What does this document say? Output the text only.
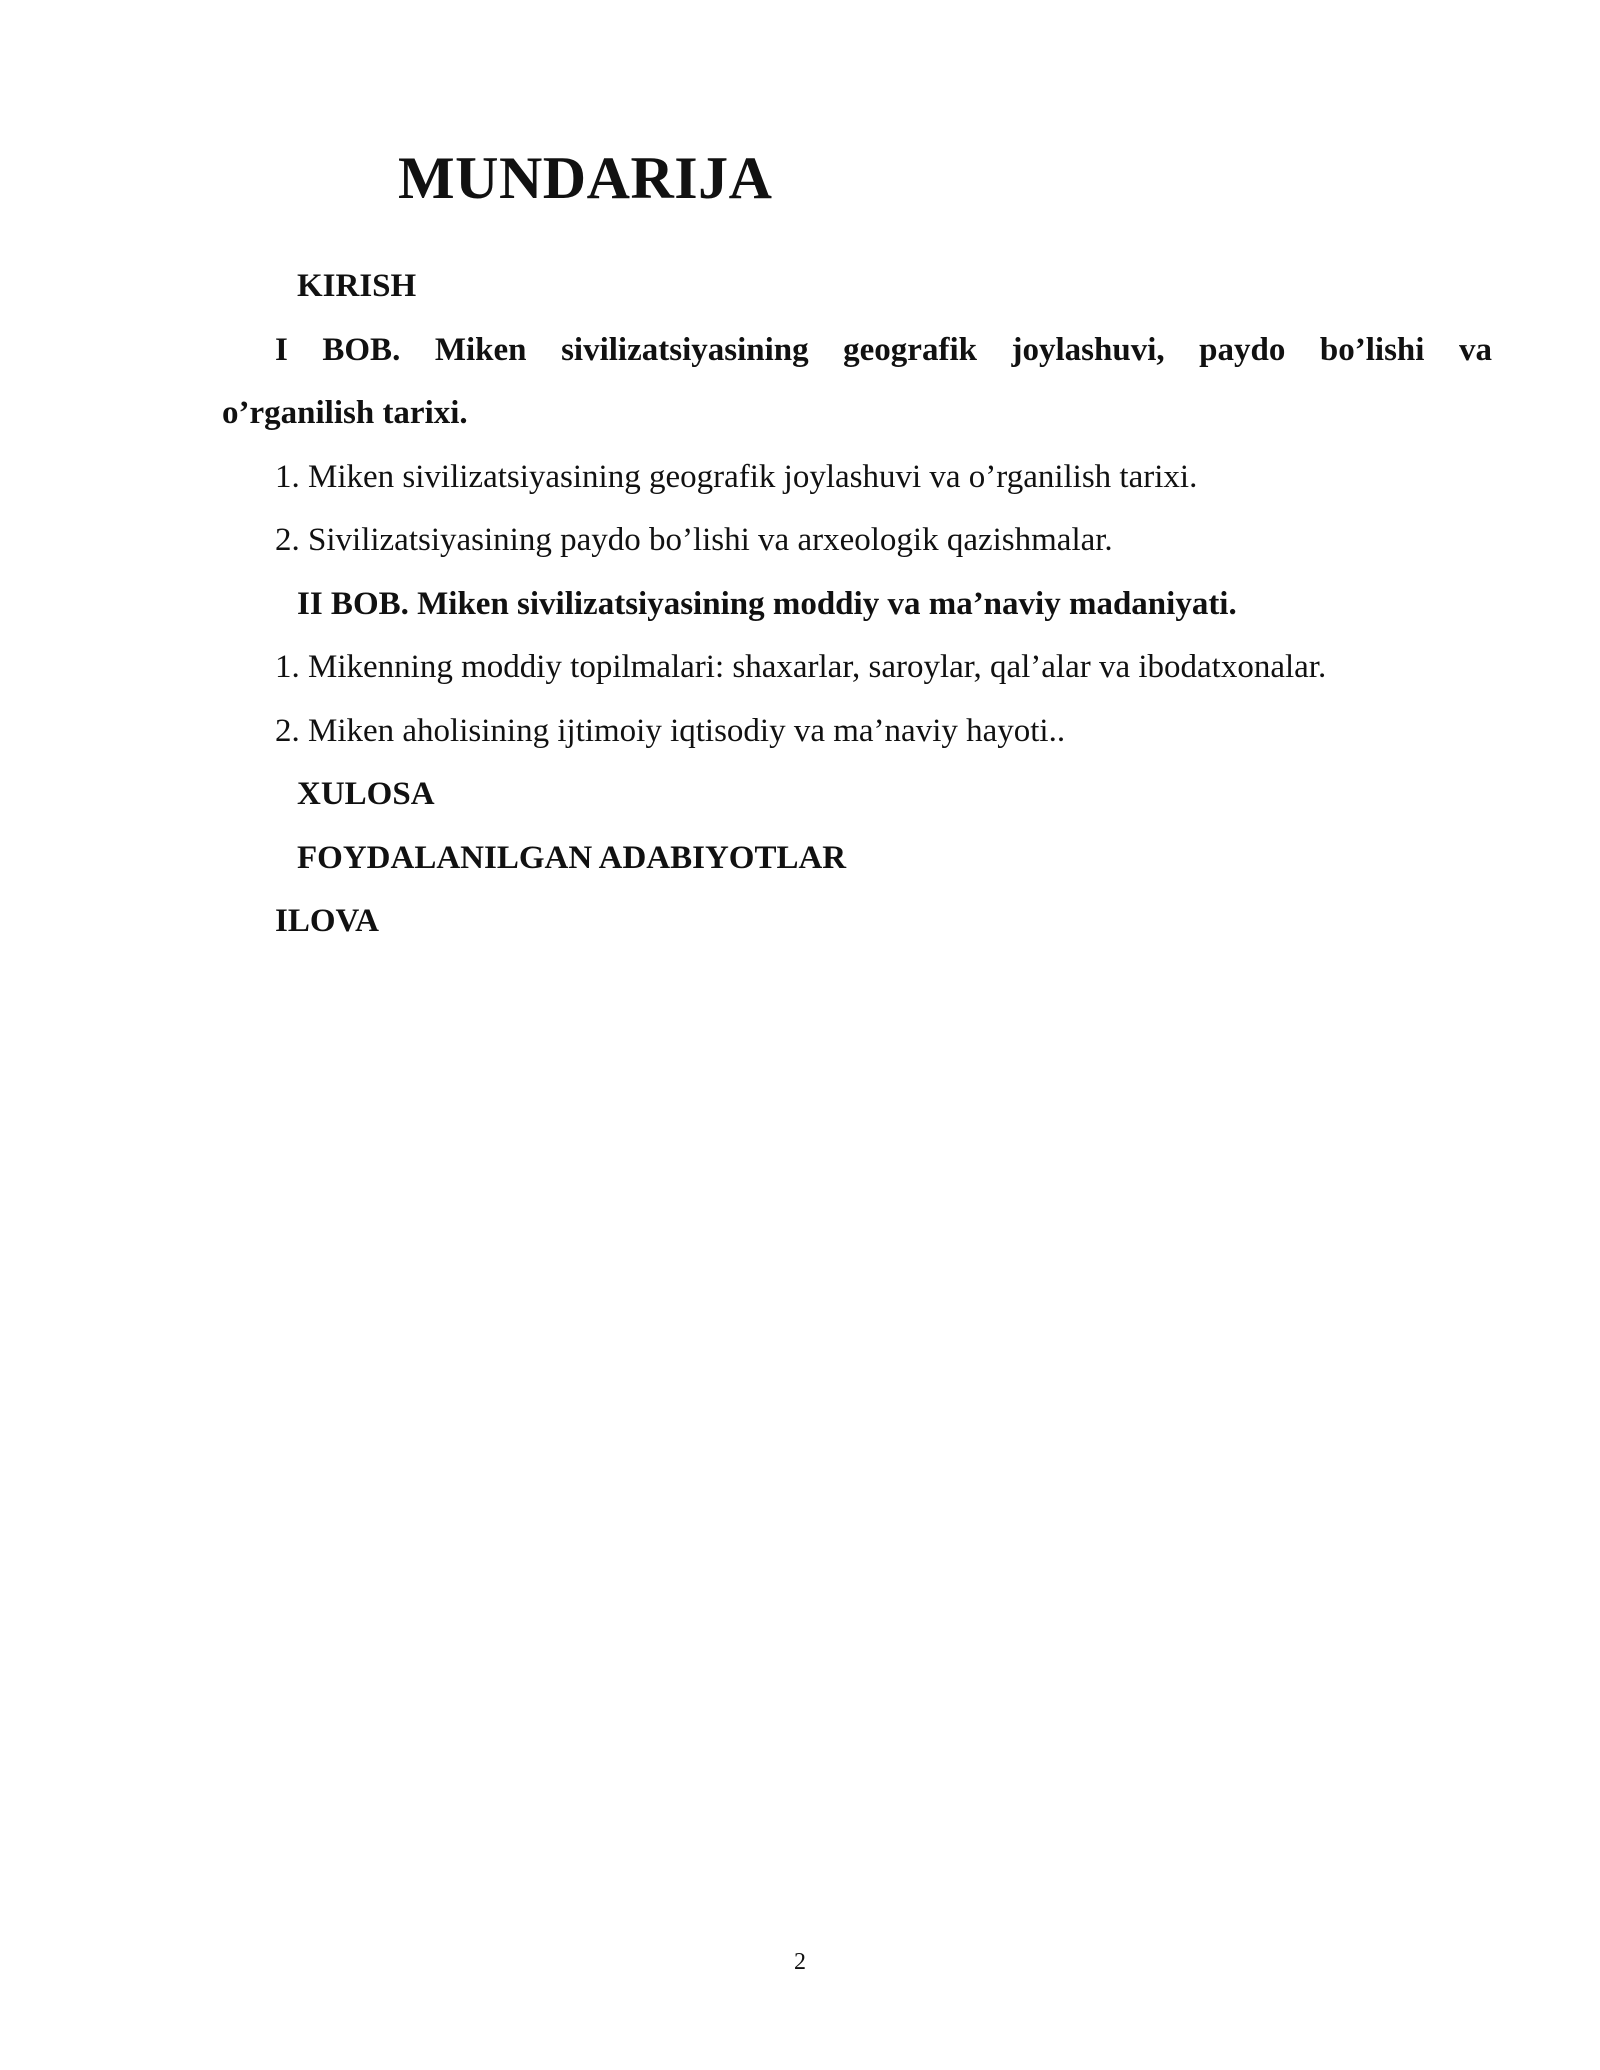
MUNDARIJA
KIRISH
I BOB. Miken sivilizatsiyasining geografik joylashuvi, paydo bo’lishi va
o’rganilish tarixi.
1. Miken sivilizatsiyasining geografik joylashuvi va o’rganilish tarixi.
2. Sivilizatsiyasining paydo bo’lishi va arxeologik qazishmalar.
II BOB. Miken sivilizatsiyasining moddiy va ma’naviy madaniyati.
1. Mikenning moddiy topilmalari: shaxarlar, saroylar, qal’alar va ibodatxonalar.
2. Miken aholisining ijtimoiy iqtisodiy va ma’naviy hayoti..
XULOSA
FOYDALANILGAN ADABIYOTLAR
ILOVA
2
